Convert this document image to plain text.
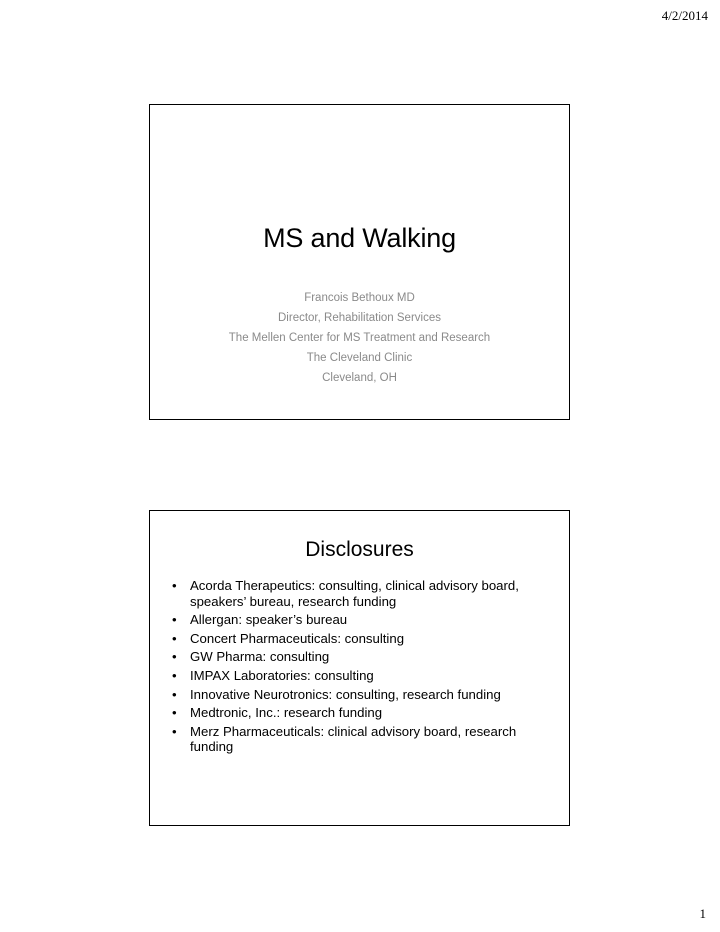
4/2/2014
MS and Walking
Francois Bethoux MD
Director, Rehabilitation Services
The Mellen Center for MS Treatment and Research
The Cleveland Clinic
Cleveland, OH
Disclosures
• Acorda Therapeutics: consulting, clinical advisory board, speakers’ bureau, research funding
• Allergan: speaker’s bureau
• Concert Pharmaceuticals: consulting
• GW Pharma: consulting
• IMPAX Laboratories: consulting
• Innovative Neurotronics: consulting, research funding
• Medtronic, Inc.: research funding
• Merz Pharmaceuticals: clinical advisory board, research funding
1
